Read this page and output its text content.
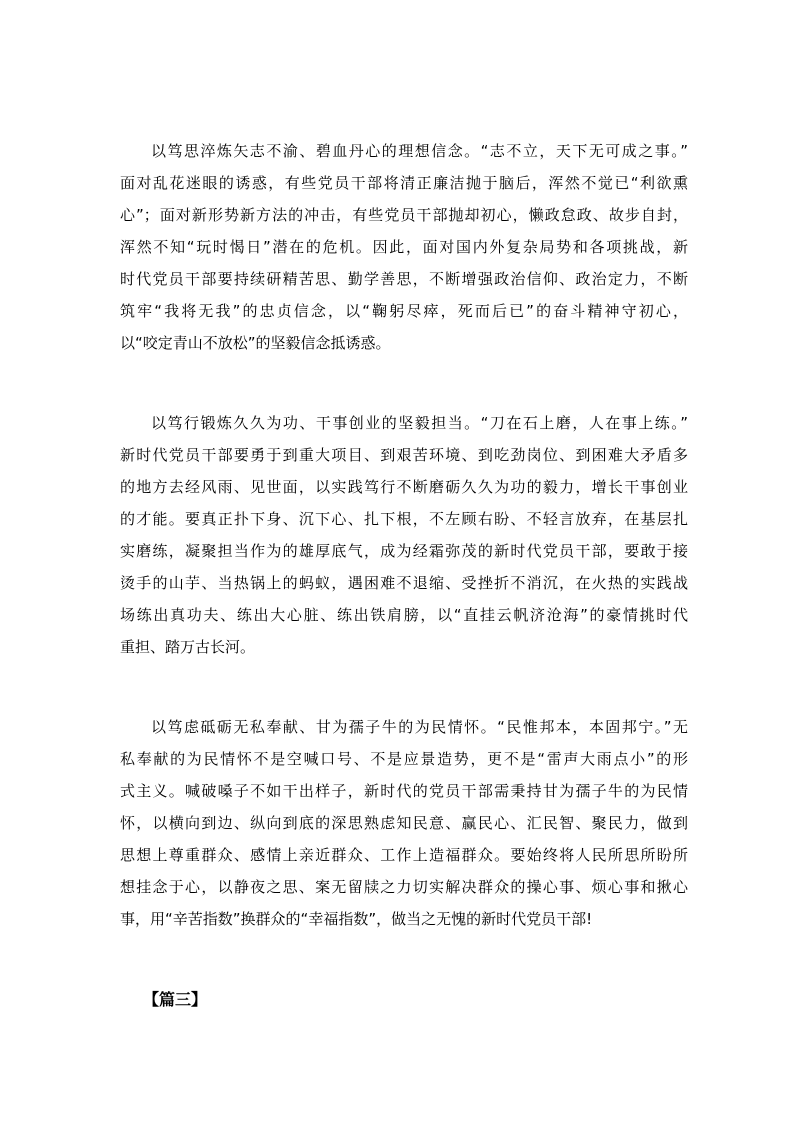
以笃思淬炼矢志不渝、碧血丹心的理想信念。“志不立，天下无可成之事。”
面对乱花迷眼的诱惑，有些党员干部将清正廉洁抛于脑后，浑然不觉已“利欲熏
心”；面对新形势新方法的冲击，有些党员干部抛却初心，懒政怠政、故步自封，
浑然不知“玩时愒日”潜在的危机。因此，面对国内外复杂局势和各项挑战，新
时代党员干部要持续研精苦思、勤学善思，不断增强政治信仰、政治定力，不断
筑牢“我将无我”的忠贞信念，以“鞠躬尽瘁，死而后已”的奋斗精神守初心，
以“咬定青山不放松”的坚毅信念抵诱惑。
以笃行锻炼久久为功、干事创业的坚毅担当。“刀在石上磨，人在事上练。”
新时代党员干部要勇于到重大项目、到艰苦环境、到吃劲岗位、到困难大矛盾多
的地方去经风雨、见世面，以实践笃行不断磨砺久久为功的毅力，增长干事创业
的才能。要真正扑下身、沉下心、扎下根，不左顾右盼、不轻言放弃，在基层扎
实磨练，凝聚担当作为的雄厚底气，成为经霜弥茂的新时代党员干部，要敢于接
烫手的山芋、当热锅上的蚂蚁，遇困难不退缩、受挫折不消沉，在火热的实践战
场练出真功夫、练出大心脏、练出铁肩膀，以“直挂云帆济沧海”的豪情挑时代
重担、踏万古长河。
以笃虑砥砺无私奉献、甘为孺子牛的为民情怀。“民惟邦本，本固邦宁。”无
私奉献的为民情怀不是空喊口号、不是应景造势，更不是“雷声大雨点小”的形
式主义。喊破嗓子不如干出样子，新时代的党员干部需秉持甘为孺子牛的为民情
怀，以横向到边、纵向到底的深思熟虑知民意、赢民心、汇民智、聚民力，做到
思想上尊重群众、感情上亲近群众、工作上造福群众。要始终将人民所思所盼所
想挂念于心，以静夜之思、案无留牍之力切实解决群众的操心事、烦心事和揪心
事，用“辛苦指数”换群众的“幸福指数”，做当之无愧的新时代党员干部!
【篇三】
